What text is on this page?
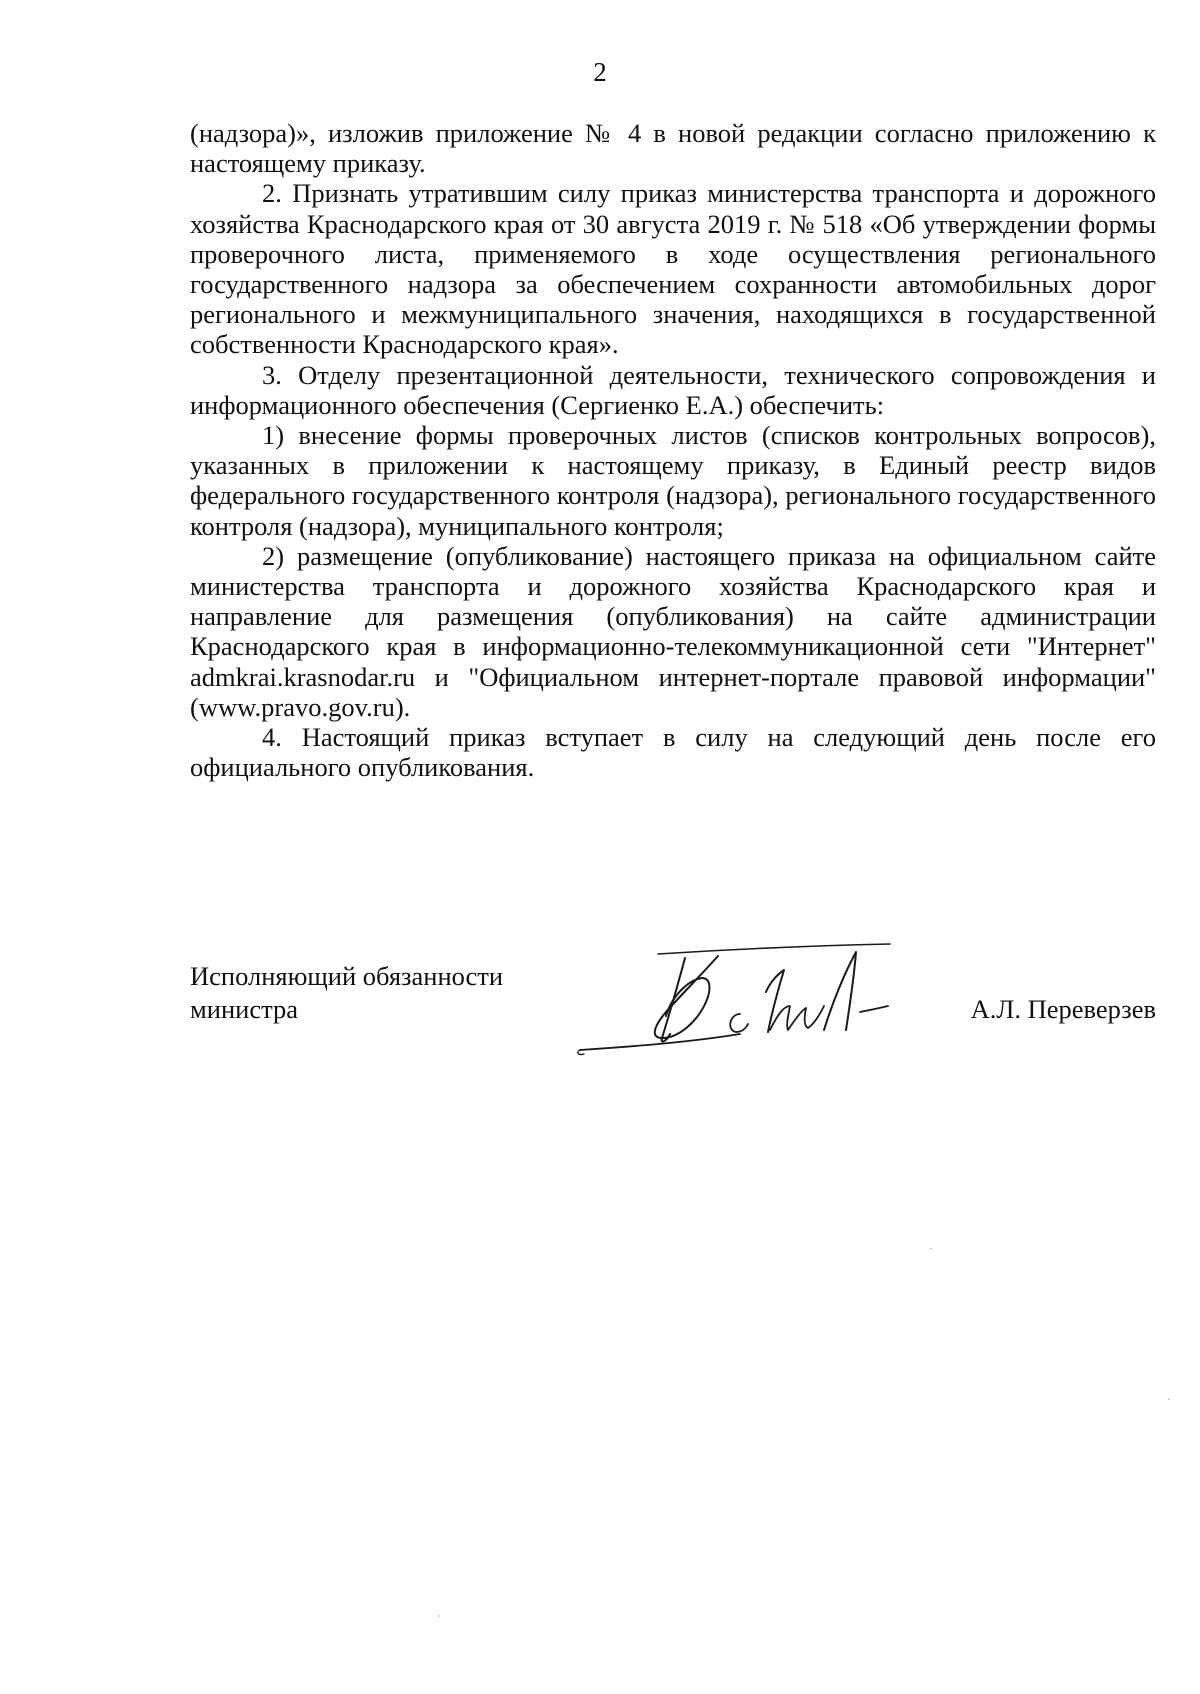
2

(надзора)», изложив приложение № 4 в новой редакции согласно приложению к настоящему приказу.

2. Признать утратившим силу приказ министерства транспорта и дорожного хозяйства Краснодарского края от 30 августа 2019 г. № 518 «Об утверждении формы проверочного листа, применяемого в ходе осуществления регионального государственного надзора за обеспечением сохранности автомобильных дорог регионального и межмуниципального значения, находящихся в государственной собственности Краснодарского края».

3. Отделу презентационной деятельности, технического сопровождения и информационного обеспечения (Сергиенко Е.А.) обеспечить:

1) внесение формы проверочных листов (списков контрольных вопросов), указанных в приложении к настоящему приказу, в Единый реестр видов федерального государственного контроля (надзора), регионального государственного контроля (надзора), муниципального контроля;

2) размещение (опубликование) настоящего приказа на официальном сайте министерства транспорта и дорожного хозяйства Краснодарского края и направление для размещения (опубликования) на сайте администрации Краснодарского края в информационно-телекоммуникационной сети "Интернет" admkrai.krasnodar.ru и "Официальном интернет-портале правовой информации" (www.pravo.gov.ru).

4. Настоящий приказ вступает в силу на следующий день после его официального опубликования.

Исполняющий обязанности
министра	А.Л. Переверзев
